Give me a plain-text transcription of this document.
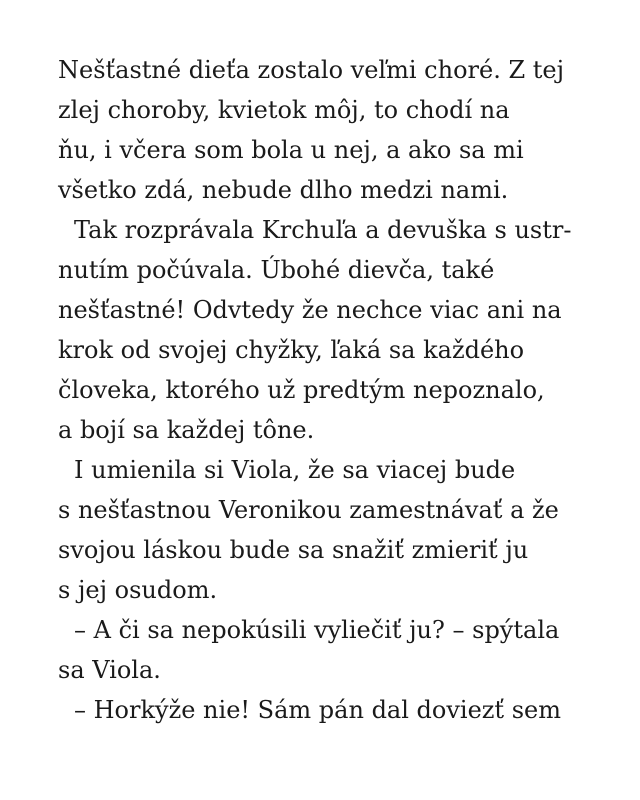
Nešťastné dieťa zostalo veľmi choré. Z tej
zlej choroby, kvietok môj, to chodí na
ňu, i včera som bola u nej, a ako sa mi
všetko zdá, nebude dlho medzi nami.
Tak rozprávala Krchuľa a devuška s ustr-
nutím počúvala. Úbohé dievča, také
nešťastné! Odvtedy že nechce viac ani na
krok od svojej chyžky, ľaká sa každého
človeka, ktorého už predtým nepoznalo,
a bojí sa každej tône.
I umienila si Viola, že sa viacej bude
s nešťastnou Veronikou zamestnávať a že
svojou láskou bude sa snažiť zmieriť ju
s jej osudom.
– A či sa nepokúsili vyliečiť ju? – spýtala
sa Viola.
– Horkýže nie! Sám pán dal doviezť sem
